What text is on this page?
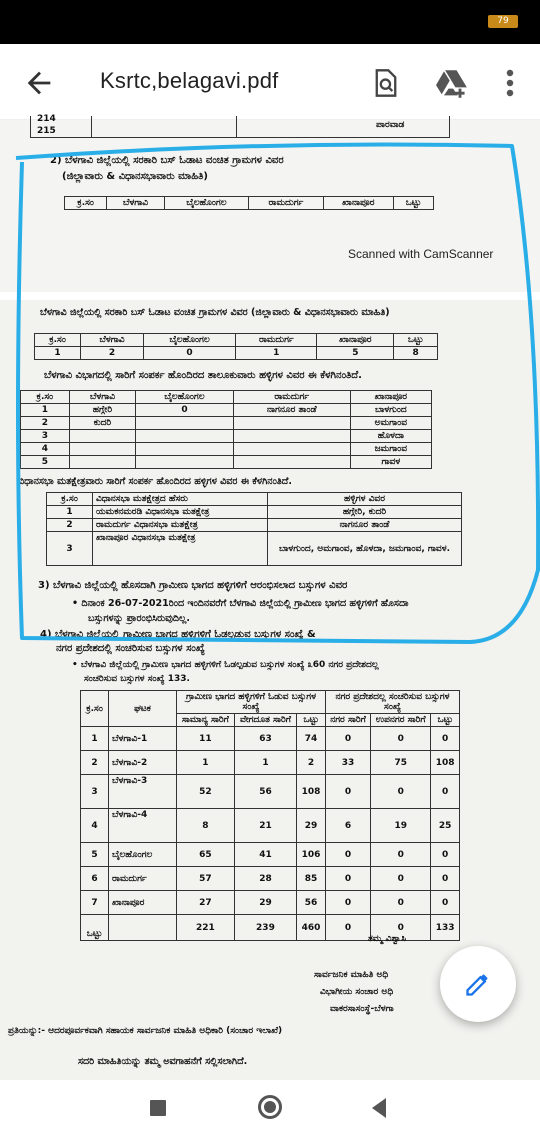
79
Ksrtc,belagavi.pdf
214
215
ಪಾರವಾಡ
2) ಬೆಳಗಾವಿ ಜಿಲ್ಲೆಯಲ್ಲಿ ಸರಕಾರಿ ಬಸ್ ಓಡಾಟ ವಂಚಿತ ಗ್ರಾಮಗಳ ವಿವರ
(ಜಿಲ್ಲಾವಾರು & ವಿಧಾನಸಭಾವಾರು ಮಾಹಿತಿ)
ಕ್ರ.ಸಂ	ಬೆಳಗಾವಿ	ಬೈಲಹೊಂಗಲ	ರಾಮದುರ್ಗ	ಖಾನಾಪೂರ	ಒಟ್ಟು
Scanned with CamScanner
ಬೆಳಗಾವಿ ಜಿಲ್ಲೆಯಲ್ಲಿ ಸರಕಾರಿ ಬಸ್ ಓಡಾಟ ವಂಚಿತ ಗ್ರಾಮಗಳ ವಿವರ (ಜಿಲ್ಲಾವಾರು & ವಿಧಾನಸಭಾವಾರು ಮಾಹಿತಿ)
ಕ್ರ.ಸಂ	ಬೆಳಗಾವಿ	ಬೈಲಹೊಂಗಲ	ರಾಮದುರ್ಗ	ಖಾನಾಪೂರ	ಒಟ್ಟು
1	2	0	1	5	8
ಬೆಳಗಾವಿ ವಿಭಾಗದಲ್ಲಿ ಸಾರಿಗೆ ಸಂಪರ್ಕ ಹೊಂದಿರದ ತಾಲೂಕುವಾರು ಹಳ್ಳಿಗಳ ವಿವರ ಈ ಕೆಳಗಿನಂತಿದೆ.
ಕ್ರ.ಸಂ	ಬೆಳಗಾವಿ	ಬೈಲಹೊಂಗಲ	ರಾಮದುರ್ಗ	ಖಾನಾಪೂರ
1	ಹಗ್ಗೇರಿ	0	ನಾಗನೂರ ತಾಂಡೆ	ಬಾಳಗುಂದ
2	ಕುದರಿ			ಅಮಗಾಂವ
3				ಹೊಳದಾ
4				ಜಮಗಾಂವ
5				ಗಾವಳ
ವಿಧಾನಸಭಾ ಮತಕ್ಷೇತ್ರವಾರು ಸಾರಿಗೆ ಸಂಪರ್ಕ ಹೊಂದಿರದ ಹಳ್ಳಿಗಳ ವಿವರ ಈ ಕೆಳಗಿನಂತಿದೆ.
ಕ್ರ.ಸಂ	ವಿಧಾನಸಭಾ ಮತಕ್ಷೇತ್ರದ ಹೆಸರು	ಹಳ್ಳಿಗಳ ವಿವರ
1	ಯಮಕನಮರಡಿ ವಿಧಾನಸಭಾ ಮತಕ್ಷೇತ್ರ	ಹಗ್ಗೇರಿ, ಕುದರಿ
2	ರಾಮದುರ್ಗ ವಿಧಾನಸಭಾ ಮತಕ್ಷೇತ್ರ	ನಾಗನೂರ ತಾಂಡೆ
3	ಖಾನಾಪೂರ ವಿಧಾನಸಭಾ ಮತಕ್ಷೇತ್ರ	ಬಾಳಗುಂದ, ಅಮಗಾಂವ, ಹೊಳದಾ, ಜಮಗಾಂವ, ಗಾವಳ.
3) ಬೆಳಗಾವಿ ಜಿಲ್ಲೆಯಲ್ಲಿ ಹೊಸದಾಗಿ ಗ್ರಾಮೀಣ ಭಾಗದ ಹಳ್ಳಿಗಳಿಗೆ ಆರಂಭಿಸಲಾದ ಬಸ್ಸುಗಳ ವಿವರ
• ದಿನಾಂಕ 26-07-2021ರಿಂದ ಇಂದಿನವರೆಗೆ ಬೆಳಗಾವಿ ಜಿಲ್ಲೆಯಲ್ಲಿ ಗ್ರಾಮೀಣ ಭಾಗದ ಹಳ್ಳಿಗಳಿಗೆ ಹೊಸದಾ
ಬಸ್ಸುಗಳನ್ನು ಪ್ರಾರಂಭಿಸಿರುವುದಿಲ್ಲ.
4) ಬೆಳಗಾವಿ ಜಿಲ್ಲೆಯಲ್ಲಿ ಗ್ರಾಮೀಣ ಭಾಗದ ಹಳ್ಳಿಗಳಿಗೆ ಓಡಲ್ಪಡುವ ಬಸ್ಸುಗಳ ಸಂಖ್ಯೆ &
ನಗರ ಪ್ರದೇಶದಲ್ಲಿ ಸಂಚರಿಸುವ ಬಸ್ಸುಗಳ ಸಂಖ್ಯೆ
• ಬೆಳಗಾವಿ ಜಿಲ್ಲೆಯಲ್ಲಿ ಗ್ರಾಮೀಣ ಭಾಗದ ಹಳ್ಳಿಗಳಿಗೆ ಓಡಲ್ಪಡುವ ಬಸ್ಸುಗಳ ಸಂಖ್ಯೆ ೩60 ನಗರ ಪ್ರದೇಶದಲ್ಲ
ಸಂಚರಿಸುವ ಬಸ್ಸುಗಳ ಸಂಖ್ಯೆ 133.
ಕ್ರ.ಸಂ	ಘಟಕ	ಗ್ರಾಮೀಣ ಭಾಗದ ಹಳ್ಳಿಗಳಿಗೆ ಓಡುವ ಬಸ್ಸುಗಳ ಸಂಖ್ಯೆ			ನಗರ ಪ್ರದೇಶದಲ್ಲ ಸಂಚರಿಸುವ ಬಸ್ಸುಗಳ ಸಂಖ್ಯೆ		
		ಸಾಮಾನ್ಯ ಸಾರಿಗೆ	ವೇಗದೂತ ಸಾರಿಗೆ	ಒಟ್ಟು	ನಗರ ಸಾರಿಗೆ	ಉಪನಗರ ಸಾರಿಗೆ	ಒಟ್ಟು
1	ಬೆಳಗಾವಿ-1	11	63	74	0	0	0
2	ಬೆಳಗಾವಿ-2	1	1	2	33	75	108
3	ಬೆಳಗಾವಿ-3	52	56	108	0	0	0
4	ಬೆಳಗಾವಿ-4	8	21	29	6	19	25
5	ಬೈಲಹೊಂಗಲ	65	41	106	0	0	0
6	ರಾಮದುರ್ಗ	57	28	85	0	0	0
7	ಖಾನಾಪೂರ	27	29	56	0	0	0
ಒಟ್ಟು		221	239	460	0	0	133
ಸದರಿ ಮಾಹಿತಿಯನ್ನು ತಮ್ಮ ಅವಗಾಹನೆಗೆ ಸಲ್ಲಿಸಲಾಗಿದೆ.
ತಮ್ಮ ವಿಶ್ವಾಸಿ
ಸಾರ್ವಜನಿಕ ಮಾಹಿತಿ ಅಧಿ
ವಿಭಾಗೀಯ ಸಂಚಾರ ಅಧಿ
ವಾಕರಸಾಸಂಸ್ಥೆ-ಬೆಳಗಾ
ಪ್ರತಿಯನ್ನು:- ಆದರಪೂರ್ವಕವಾಗಿ ಸಹಾಯಕ ಸಾರ್ವಜನಿಕ ಮಾಹಿತಿ ಅಧಿಕಾರಿ (ಸಂಚಾರ ಇಲಾಖೆ)
